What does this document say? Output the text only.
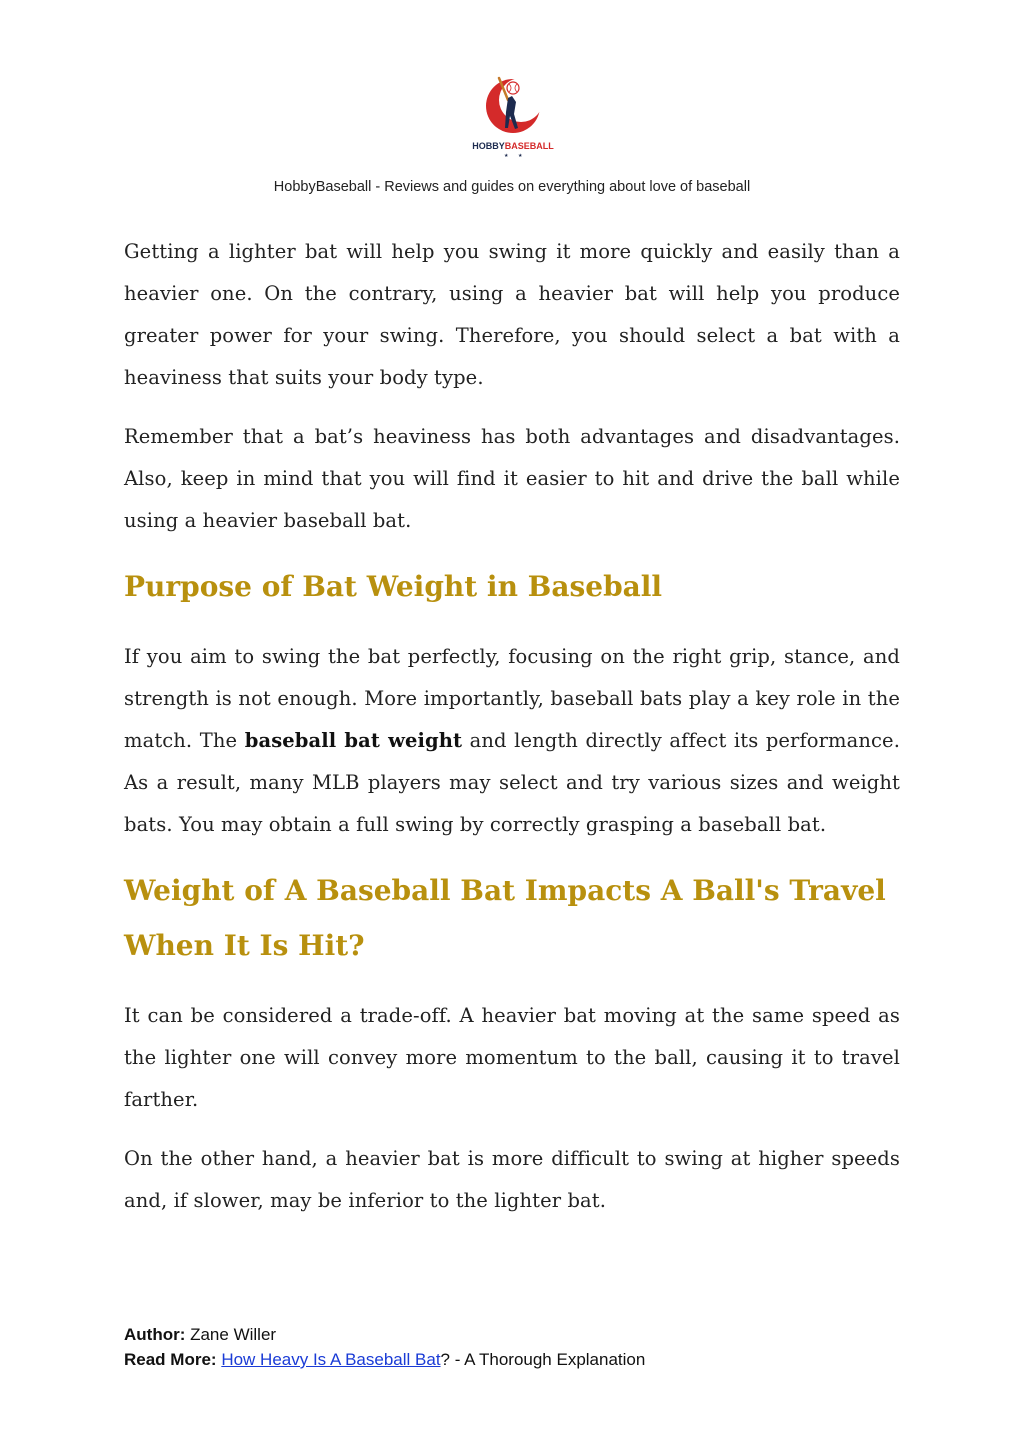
HOBBYBASEBALL
★ ★
HobbyBaseball - Reviews and guides on everything about love of baseball

Getting a lighter bat will help you swing it more quickly and easily than a heavier one. On the contrary, using a heavier bat will help you produce greater power for your swing. Therefore, you should select a bat with a heaviness that suits your body type.

Remember that a bat’s heaviness has both advantages and disadvantages. Also, keep in mind that you will find it easier to hit and drive the ball while using a heavier baseball bat.

Purpose of Bat Weight in Baseball

If you aim to swing the bat perfectly, focusing on the right grip, stance, and strength is not enough. More importantly, baseball bats play a key role in the match. The baseball bat weight and length directly affect its performance. As a result, many MLB players may select and try various sizes and weight bats. You may obtain a full swing by correctly grasping a baseball bat.

Weight of A Baseball Bat Impacts A Ball's Travel When It Is Hit?

It can be considered a trade-off. A heavier bat moving at the same speed as the lighter one will convey more momentum to the ball, causing it to travel farther.

On the other hand, a heavier bat is more difficult to swing at higher speeds and, if slower, may be inferior to the lighter bat.

Author: Zane Willer
Read More: How Heavy Is A Baseball Bat? - A Thorough Explanation
